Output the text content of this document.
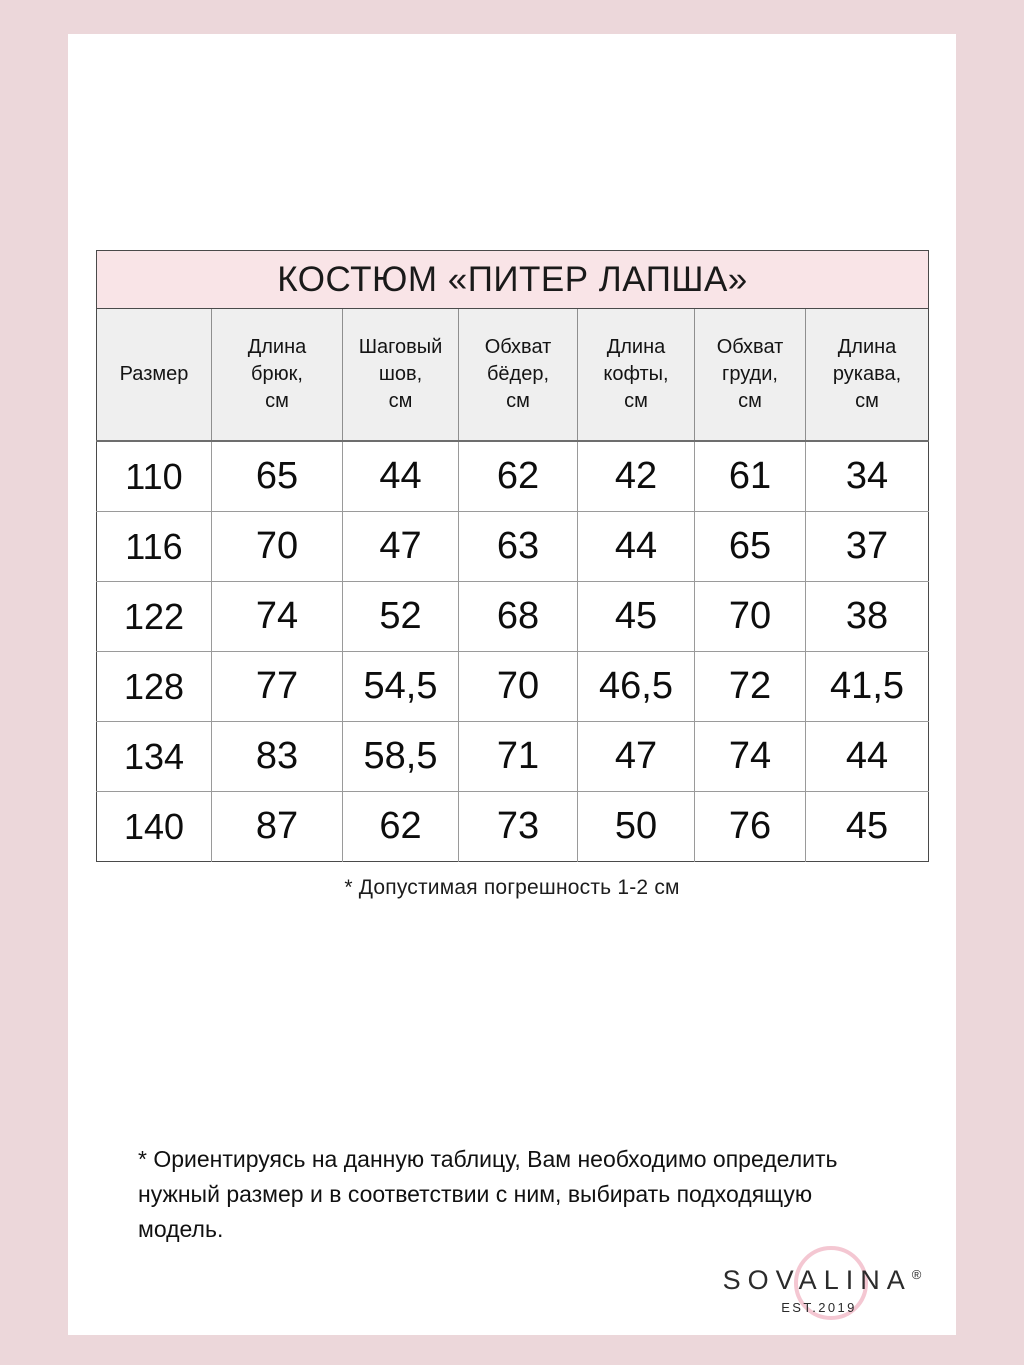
КОСТЮМ «ПИТЕР ЛАПША»						
Размер	Длина
брюк,
см	Шаговый
шов,
см	Обхват
бёдер,
см	Длина
кофты,
см	Обхват
груди,
см	Длина
рукава,
см
110	65	44	62	42	61	34
116	70	47	63	44	65	37
122	74	52	68	45	70	38
128	77	54,5	70	46,5	72	41,5
134	83	58,5	71	47	74	44
140	87	62	73	50	76	45
* Допустимая погрешность 1-2 см
* Ориентируясь на данную таблицу, Вам необходимо определить нужный размер и в соответствии с ним, выбирать подходящую модель.
SOVALINA®
EST.2019
